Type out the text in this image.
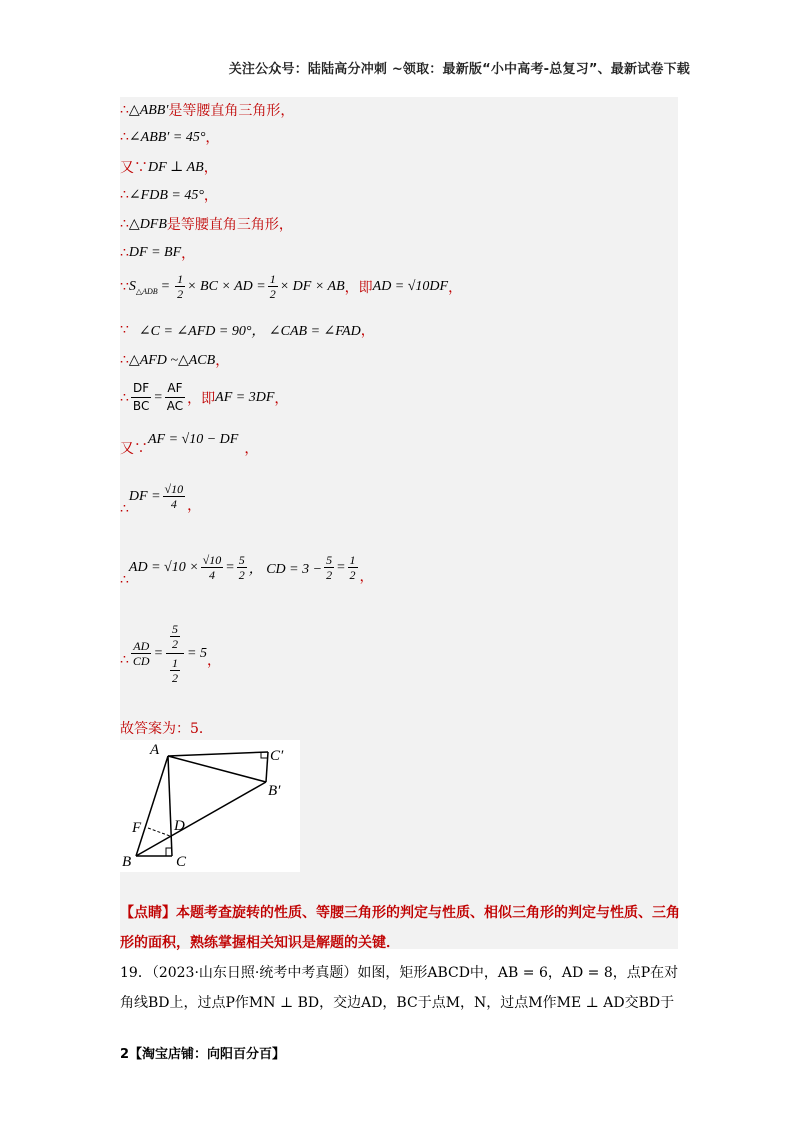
关注公众号：陆陆高分冲刺 ~领取：最新版“小中高考-总复习”、最新试卷下载
∴ △ABB′ 是等腰直角三角形，
∴ ∠ABB′ = 45° ，
又∵ DF ⊥ AB ，
∴ ∠FDB = 45° ，
∴ △DFB 是等腰直角三角形，
∴ DF = BF ，
∵ S △ADB = $\frac{1}{2}$ × BC × AD = $\frac{1}{2}$ × DF × AB ， 即 AD = √10DF ，
∵ ∠C = ∠AFD = 90°， ∠CAB = ∠FAD ，
∴ △AFD ~△ACB ，
∴ $\frac{DF}{BC} = \frac{AF}{AC}$ ， 即 AF = 3DF ，
又∵
AF = √10 − DF
，
∴
DF = $\frac{√10}{4}$ ，
∴
AD = $√10 \times \frac{√10}{4} = \frac{5}{2}$ ， CD = $3 - \frac{5}{2} = \frac{1}{2}$ ，
∴ $\frac{AD}{CD}$ =
$\frac{5}{2}$
$\frac{1}{2}$
= 5 ，
故答案为：5．
A	C′
B′
F D
B	C
【点睛】本题考查旋转的性质、等腰三角形的判定与性质、相似三角形的判定与性质、三角形的面积，熟练掌握相关知识是解题的关键．
19．（2023·山东日照·统考中考真题）如图，矩形ABCD中，AB = 6，AD = 8，点P在对角线BD上，过点P作MN ⊥ BD，交边AD，BC于点M，N，过点M作ME ⊥ AD交BD于
2【淘宝店铺：向阳百分百】
